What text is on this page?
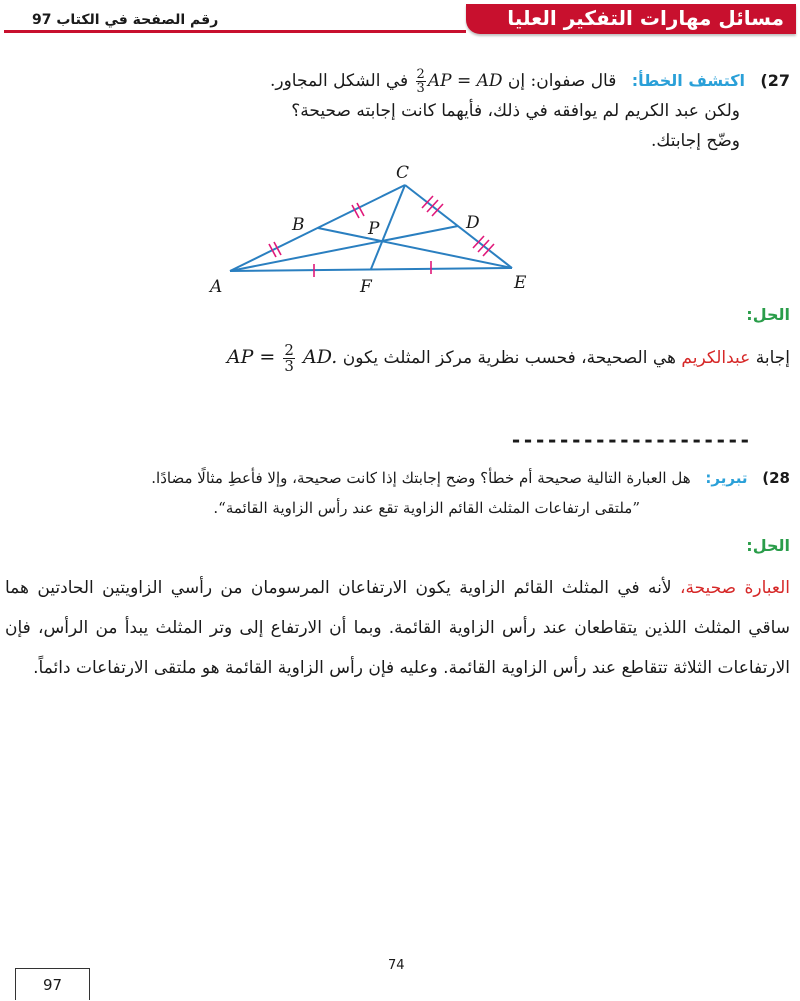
مسائل مهارات التفكير العليا
رقم الصفحة في الكتاب 97
27) اكتشف الخطأ: قال صفوان: إن
$\frac{2}{3}$ AP = AD في الشكل المجاور.
ولكن عبد الكريم لم يوافقه في ذلك، فأيهما كانت إجابته صحيحة؟
وضّح إجابتك.
A
B
C
D
E
F
P
الحل:
إجابة عبدالكريم هي الصحيحة، فحسب نظرية مركز المثلث يكون AP = $\frac{2}{3}$ AD.
--------------------
28) تبرير: هل العبارة التالية صحيحة أم خطأ؟ وضح إجابتك إذا كانت صحيحة، وإلا فأعطِ مثالًا مضادًا.
”ملتقى ارتفاعات المثلث القائم الزاوية تقع عند رأس الزاوية القائمة“.
الحل:
العبارة صحيحة، لأنه في المثلث القائم الزاوية يكون الارتفاعان المرسومان من رأسي الزاويتين الحادتين هما ساقي المثلث اللذين يتقاطعان عند رأس الزاوية القائمة. وبما أن الارتفاع إلى وتر المثلث يبدأ من الرأس، فإن الارتفاعات الثلاثة تتقاطع عند رأس الزاوية القائمة. وعليه فإن رأس الزاوية القائمة هو ملتقى الارتفاعات دائماً.
74
97
